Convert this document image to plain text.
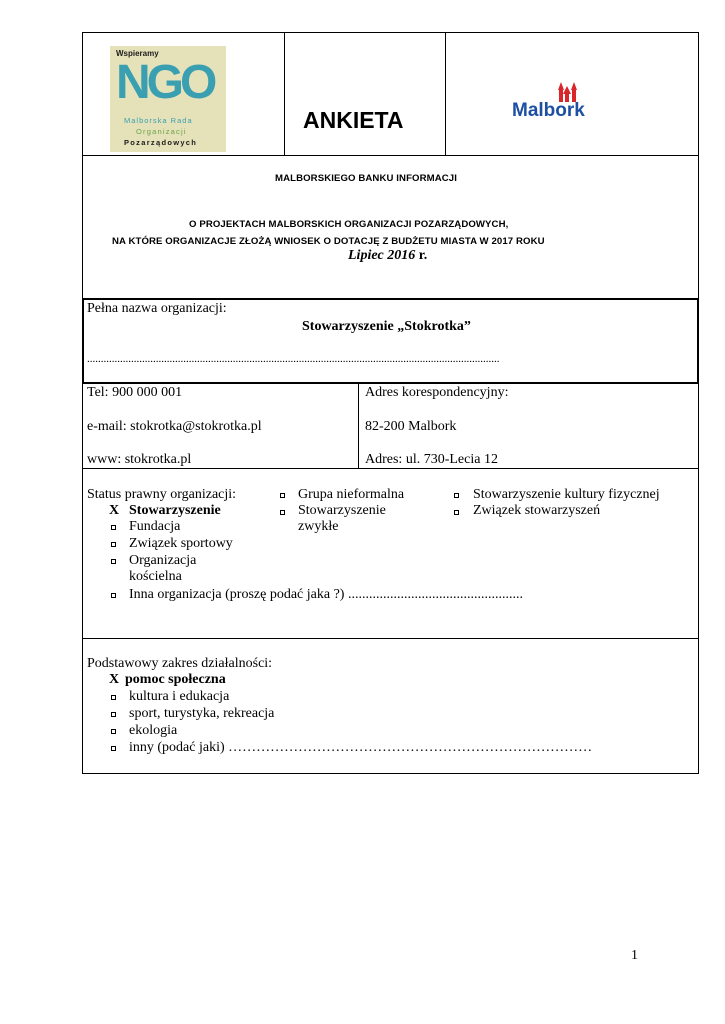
Wspieramy
NGO
Malborska Rada
Organizacji
Pozarządowych
ANKIETA	Malbork
MALBORSKIEGO BANKU INFORMACJI
O PROJEKTACH MALBORSKICH ORGANIZACJI POZARZĄDOWYCH,
NA KTÓRE ORGANIZACJE ZŁOŻĄ WNIOSEK O DOTACJĘ Z BUDŻETU MIASTA W 2017 ROKU
Lipiec 2016 r.
Pełna nazwa organizacji:
Stowarzyszenie „Stokrotka”
......................................................................................................................................................
Tel: 900 000 001
e-mail: stokrotka@stokrotka.pl
www: stokrotka.pl
Adres korespondencyjny:
82-200 Malbork
Adres: ul. 730-Lecia 12
Status prawny organizacji:
X Stowarzyszenie
Fundacja
Związek sportowy
Organizacja
kościelna
Inna organizacja (proszę podać jaka ?) ..................................................
Grupa nieformalna
Stowarzyszenie
zwykłe
Stowarzyszenie kultury fizycznej
Związek stowarzyszeń
Podstawowy zakres działalności:
X pomoc społeczna
kultura i edukacja
sport, turystyka, rekreacja
ekologia
inny (podać jaki) ……………………………………………………………………
1
